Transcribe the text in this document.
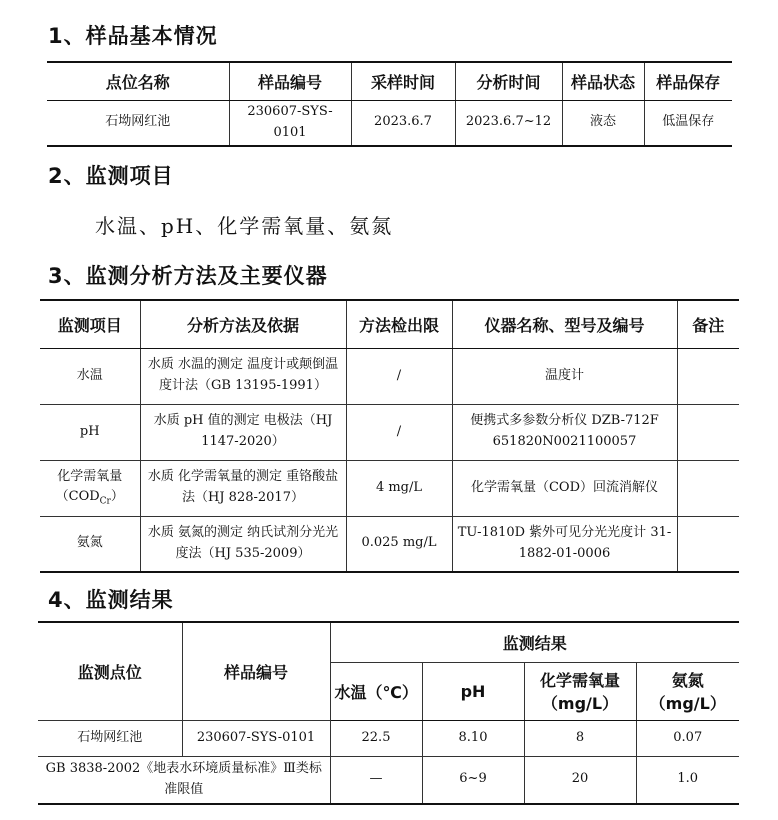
1、样品基本情况
点位名称	样品编号	采样时间	分析时间	样品状态	样品保存
石坳网红池	230607-SYS-0101	2023.6.7	2023.6.7~12	液态	低温保存
2、监测项目
水温、pH、化学需氧量、氨氮
3、监测分析方法及主要仪器
监测项目	分析方法及依据	方法检出限	仪器名称、型号及编号	备注
水温	水质 水温的测定 温度计或颠倒温度计法（GB 13195-1991）	/	温度计	
pH	水质 pH 值的测定 电极法（HJ 1147-2020）	/	便携式多参数分析仪 DZB-712F 651820N0021100057	
化学需氧量$(COD_{Cr})$	水质 化学需氧量的测定 重铬酸盐法（HJ 828-2017）	4 mg/L	化学需氧量（COD）回流消解仪	
氨氮	水质 氨氮的测定 纳氏试剂分光光度法（HJ 535-2009）	0.025 mg/L	TU-1810D 紫外可见分光光度计 31-1882-01-0006	
4、监测结果
监测点位	样品编号	监测结果			
		水温（℃）	pH	化学需氧量（mg/L）	氨氮（mg/L）
石坳网红池	230607-SYS-0101	22.5	8.10	8	0.07
GB 3838-2002《地表水环境质量标准》Ⅲ类标准限值		—	6~9	20	1.0
